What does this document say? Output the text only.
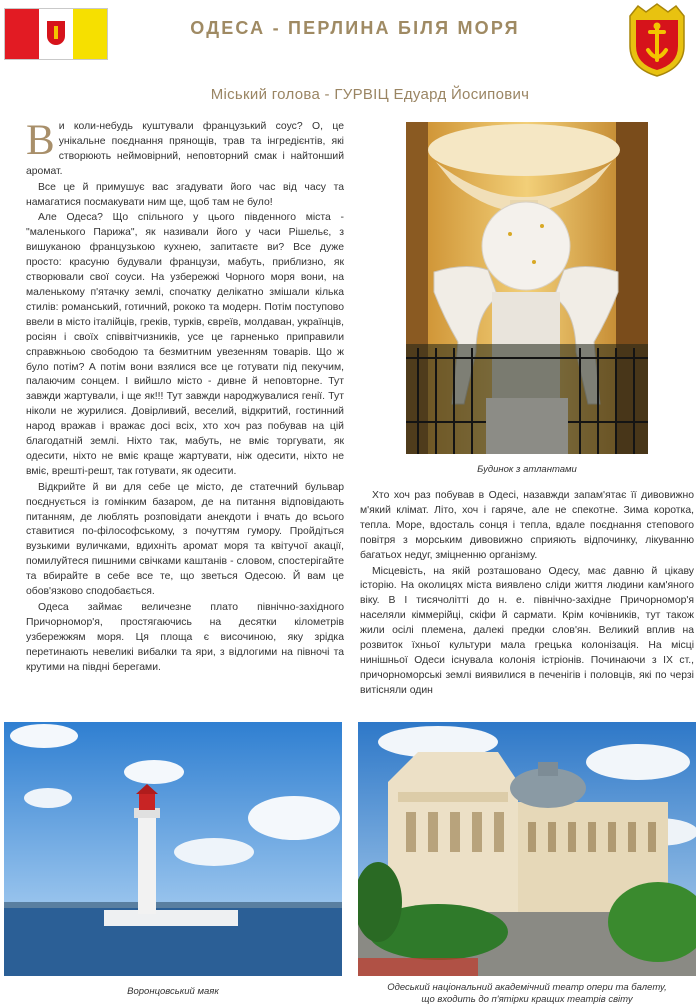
ОДЕСА - ПЕРЛИНА БІЛЯ МОРЯ
Міський голова - ГУРВІЦ Едуард Йосипович

Ви коли-небудь куштували французький соус? О, це унікальне поєднання прянощів, трав та інгредієнтів, які створюють неймовірний, неповторний смак і найтонший аромат.

Все це й примушує вас згадувати його час від часу та намагатися посмакувати ним ще, щоб там не було!

Але Одеса? Що спільного у цього південного міста - "маленького Парижа", як називали його у часи Рішельє, з вишуканою французькою кухнею, запитаєте ви? Все дуже просто: красуню будували французи, мабуть, приблизно, як створювали свої соуси. На узбережжі Чорного моря вони, на маленькому п'ятачку землі, спочатку делікатно змішали кілька стилів: романський, готичний, рококо та модерн. Потім поступово ввели в місто італійців, греків, турків, євреїв, молдаван, українців, росіян і своїх співвітчизників, усе це гарненько приправили справжньою свободою та безмитним увезенням товарів. Що ж було потім? А потім вони взялися все це готувати під пекучим, палаючим сонцем. І вийшло місто - дивне й неповторне. Тут завжди жартували, і ще як!!! Тут завжди народжувалися генії. Тут ніколи не журилися. Довірливий, веселий, відкритий, гостинний народ вражав і вражає досі всіх, хто хоч раз побував на цій благодатній землі. Ніхто так, мабуть, не вміє торгувати, як одесити, ніхто не вміє краще жартувати, ніж одесити, ніхто не вміє, врешті-решт, так готувати, як одесити.

Відкрийте й ви для себе це місто, де статечний бульвар поєднується із гомінким базаром, де на питання відповідають питанням, де люблять розповідати анекдоти і вчать до всього ставитися по-філософському, з почуттям гумору. Пройдіться вузькими вуличками, вдихніть аромат моря та квітучої акації, помилуйтеся пишними свічками каштанів - словом, спостерігайте та вбирайте в себе все те, що зветься Одесою. Й вам це обов'язково сподобається.

Одеса займає величезне плато північно-західного Причорномор'я, простягаючись на десятки кілометрів узбережжям моря. Ця площа є височиною, яку зрідка перетинають невеликі вибалки та яри, з відлогими на півночі та крутими на півдні берегами.

Будинок з атлантами

Хто хоч раз побував в Одесі, назавжди запам'ятає її дивовижно м'який клімат. Літо, хоч і гаряче, але не спекотне. Зима коротка, тепла. Море, вдосталь сонця і тепла, вдале поєднання степового повітря з морським дивовижно сприяють відпочинку, лікуванню багатьох недуг, зміцненню організму.

Місцевість, на якій розташовано Одесу, має давню й цікаву історію. На околицях міста виявлено сліди життя людини кам'яного віку. В І тисячолітті до н. е. північно-західне Причорномор'я населяли кіммерійці, скіфи й сармати. Крім кочівників, тут також жили осілі племена, далекі предки слов'ян. Великий вплив на розвиток їхньої культури мала грецька колонізація. На місці нинішньої Одеси існувала колонія істріонів. Починаючи з IX ст., причорноморські землі виявилися в печенігів і половців, які по черзі витісняли один

Воронцовський маяк	Одеський національний академічний театр опери та балету,
що входить до п'ятірки кращих театрів світу
